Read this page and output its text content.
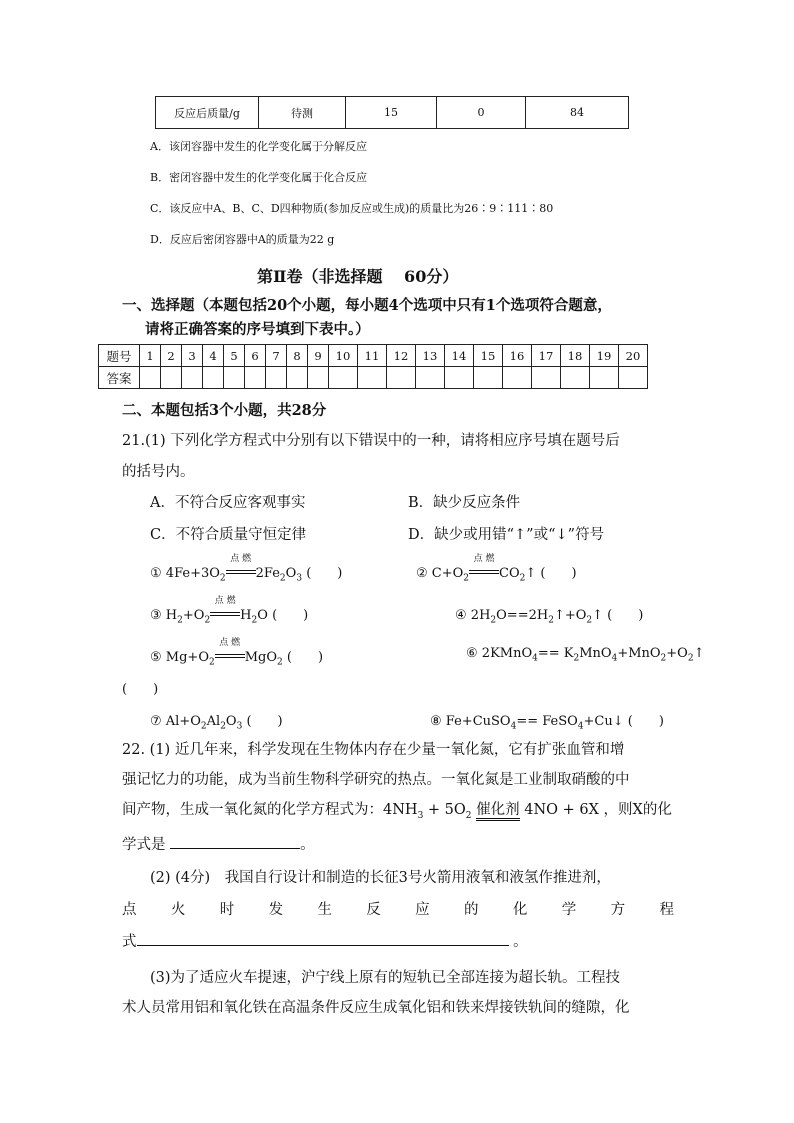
反应后质量/g	待测	15	0	84
A．该闭容器中发生的化学变化属于分解反应
B．密闭容器中发生的化学变化属于化合反应
C．该反应中A、B、C、D四种物质(参加反应或生成)的质量比为26∶9∶111∶80
D．反应后密闭容器中A的质量为22 g
第Ⅱ卷（非选择题　 60分）
一、选择题（本题包括20个小题，每小题4个选项中只有1个选项符合题意，
请将正确答案的序号填到下表中。）
题号	1	2	3	4	5	6	7	8	9	10	11	12	13	14	15	16	17	18	19	20
答案																				
二、本题包括3个小题，共28分
21.(1) 下列化学方程式中分别有以下错误中的一种，请将相应序号填在题号后
的括号内。
A．不符合反应客观事实	B．缺少反应条件
C．不符合质量守恒定律	D．缺少或用错“↑”或“↓”符号
① $4Fe+3O_2$
点 燃
$2Fe_2O_3$ (　　)	② $C+O_2$
点 燃
$CO_2↑$ (　　)
③ $H_2+O_2$
点 燃
$H_2O$ (　　)	④ $2H_2O==2H_2↑+O_2↑$ (　　)
⑤ $Mg+O_2$
点 燃
MgO$_2$ (　　)	⑥ 2KMnO$_4$== $K_2MnO_4+MnO_2+O_2↑$
(　　)
⑦ $Al+O_2Al_2O_3$ (　　)	⑧ Fe+CuSO$_4$== FeSO$_4$+Cu↓ (　　)
22. (1) 近几年来，科学发现在生物体内存在少量一氧化氮，它有扩张血管和增
强记忆力的功能，成为当前生物科学研究的热点。一氧化氮是工业制取硝酸的中
间产物，生成一氧化氮的化学方程式为：$4NH_3 + 5O_2$ 催化剂 4NO + 6X ，则X的化
学式是	。
(2) (4分)　我国自行设计和制造的长征3号火箭用液氧和液氢作推进剂，
点 火 时 发 生 反 应 的 化 学 方 程
式	。
(3)为了适应火车提速，沪宁线上原有的短轨已全部连接为超长轨。工程技
术人员常用铝和氧化铁在高温条件反应生成氧化铝和铁来焊接铁轨间的缝隙，化
